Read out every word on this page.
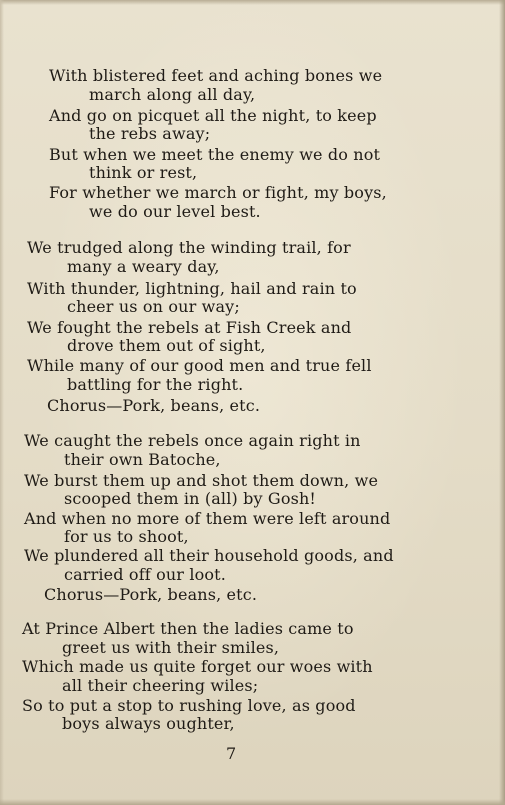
With blistered feet and aching bones we
march along all day,
And go on picquet all the night, to keep
the rebs away;
But when we meet the enemy we do not
think or rest,
For whether we march or fight, my boys,
we do our level best.
We trudged along the winding trail, for
many a weary day,
With thunder, lightning, hail and rain to
cheer us on our way;
We fought the rebels at Fish Creek and
drove them out of sight,
While many of our good men and true fell
battling for the right.
Chorus—Pork, beans, etc.
We caught the rebels once again right in
their own Batoche,
We burst them up and shot them down, we
scooped them in (all) by Gosh!
And when no more of them were left around
for us to shoot,
We plundered all their household goods, and
carried off our loot.
Chorus—Pork, beans, etc.
At Prince Albert then the ladies came to
greet us with their smiles,
Which made us quite forget our woes with
all their cheering wiles;
So to put a stop to rushing love, as good
boys always oughter,
7
